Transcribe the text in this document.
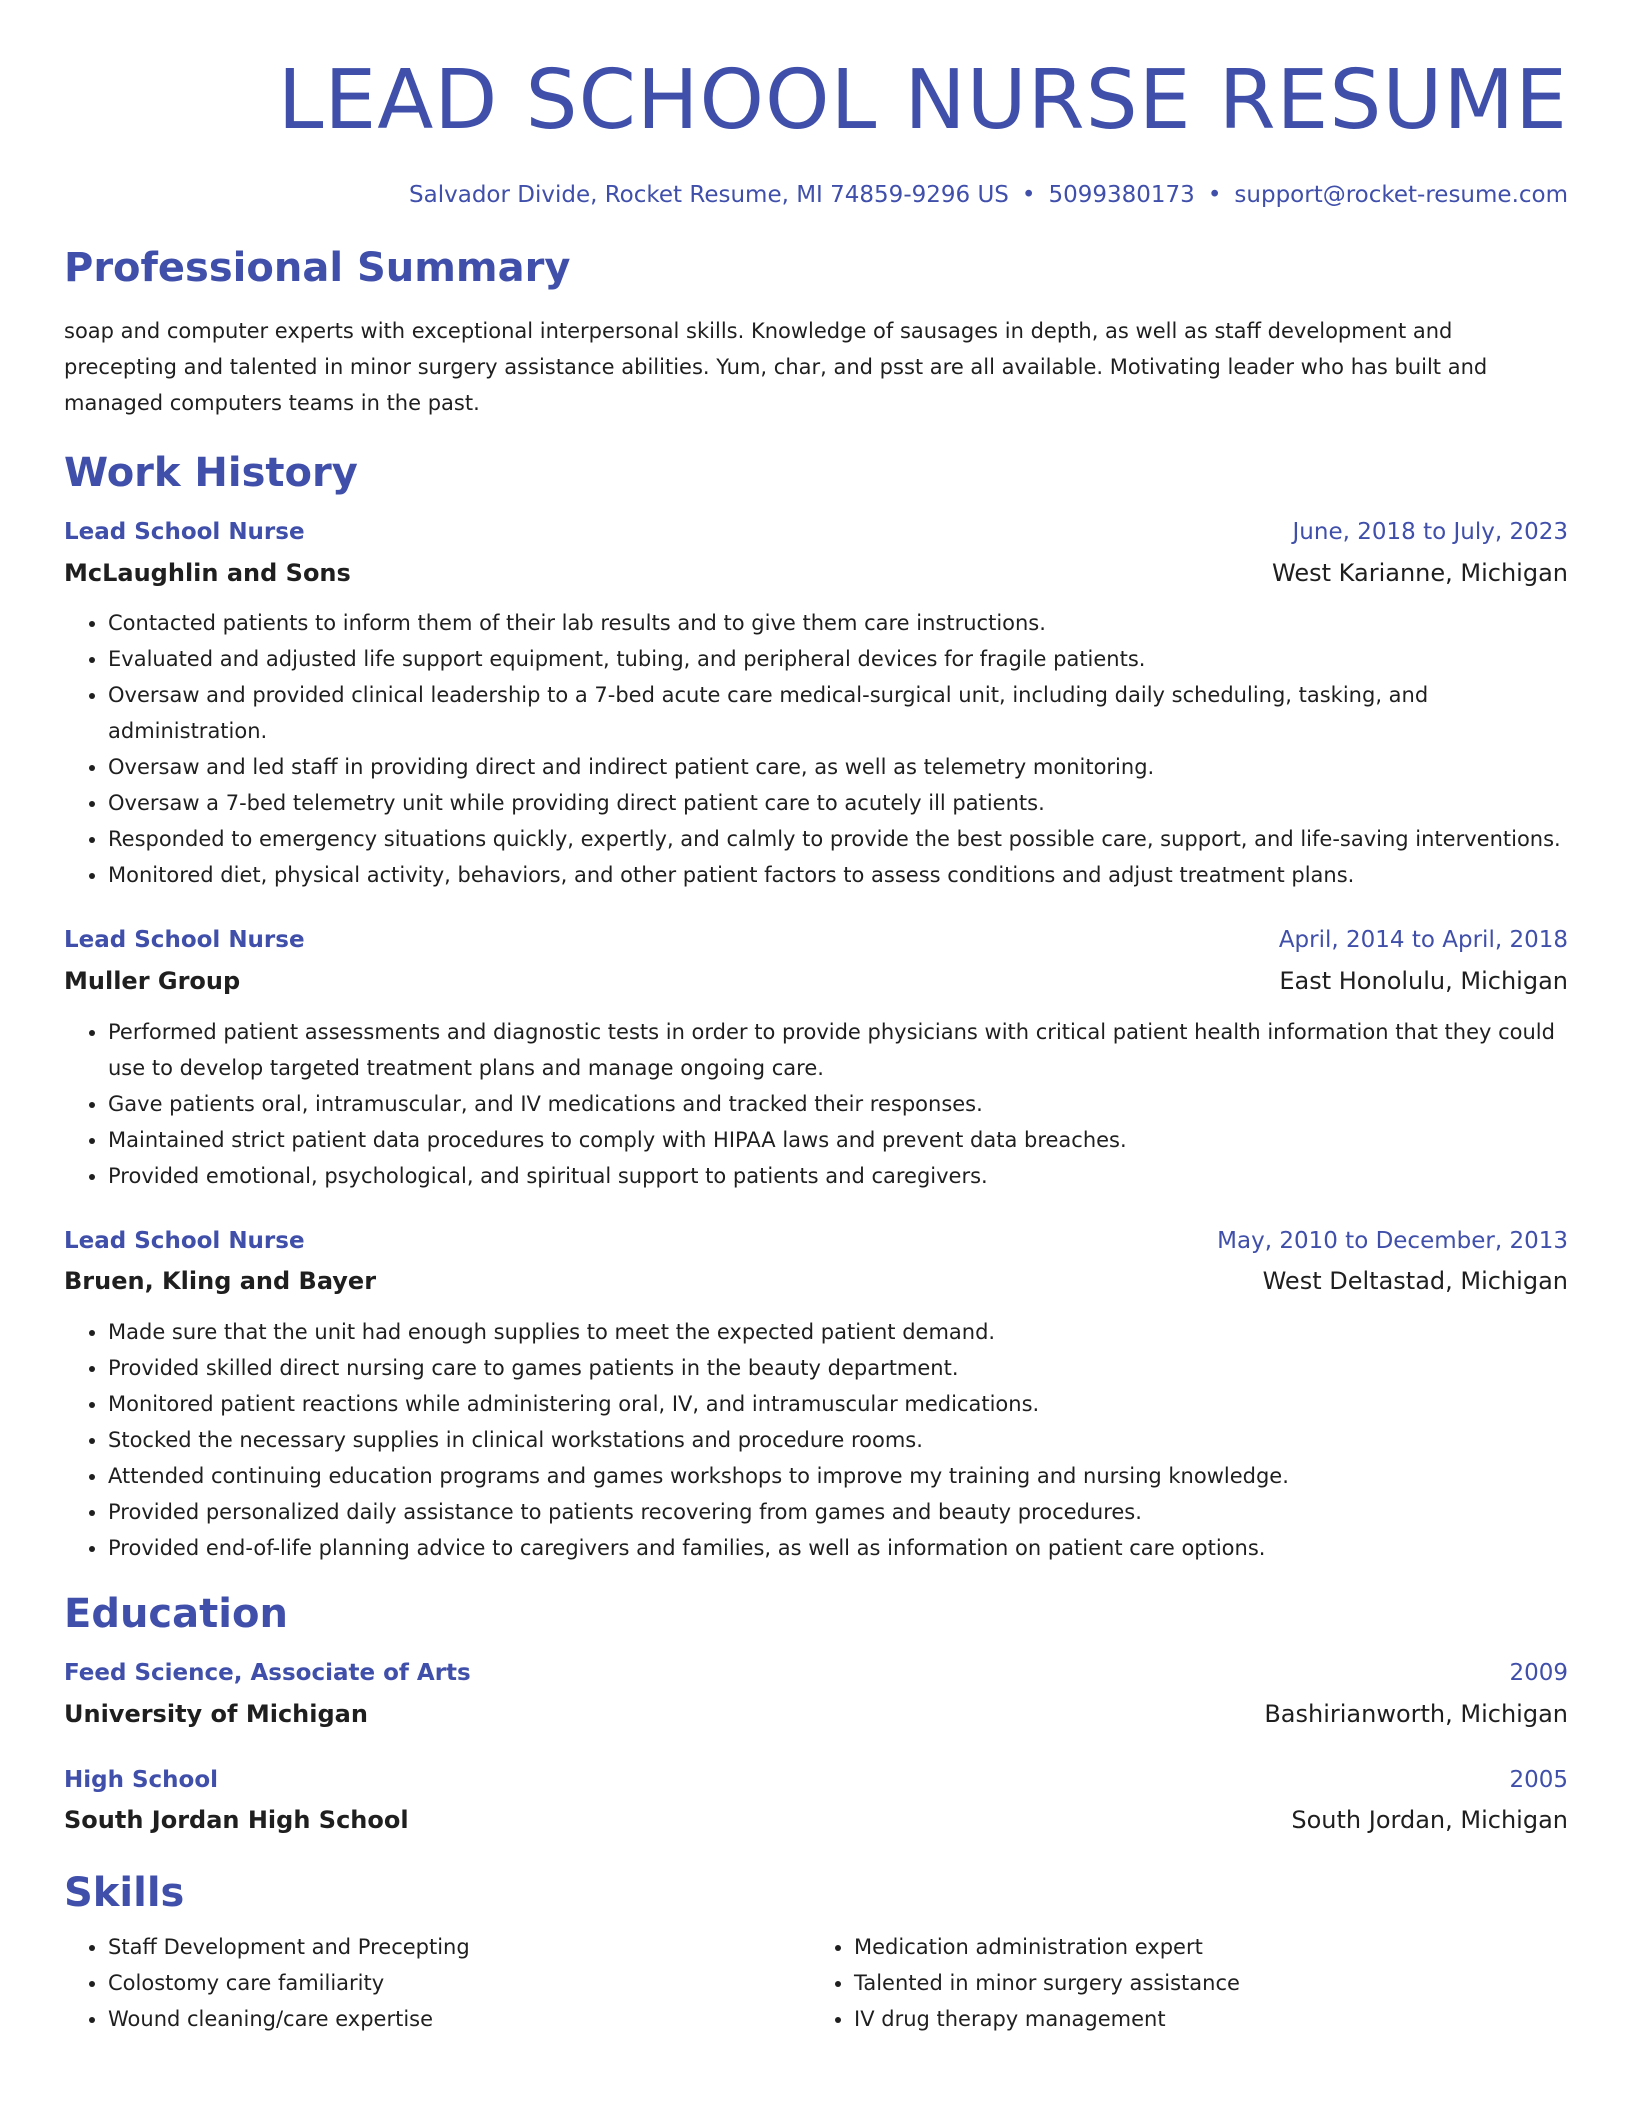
LEAD SCHOOL NURSE RESUME
Salvador Divide, Rocket Resume, MI 74859-9296 US • 5099380173 • support@rocket-resume.com
Professional Summary
soap and computer experts with exceptional interpersonal skills. Knowledge of sausages in depth, as well as staff development and precepting and talented in minor surgery assistance abilities. Yum, char, and psst are all available. Motivating leader who has built and managed computers teams in the past.
Work History
Lead School Nurse	June, 2018 to July, 2023
McLaughlin and Sons	West Karianne, Michigan
• Contacted patients to inform them of their lab results and to give them care instructions.
• Evaluated and adjusted life support equipment, tubing, and peripheral devices for fragile patients.
• Oversaw and provided clinical leadership to a 7-bed acute care medical-surgical unit, including daily scheduling, tasking, and administration.
• Oversaw and led staff in providing direct and indirect patient care, as well as telemetry monitoring.
• Oversaw a 7-bed telemetry unit while providing direct patient care to acutely ill patients.
• Responded to emergency situations quickly, expertly, and calmly to provide the best possible care, support, and life-saving interventions.
• Monitored diet, physical activity, behaviors, and other patient factors to assess conditions and adjust treatment plans.
Lead School Nurse	April, 2014 to April, 2018
Muller Group	East Honolulu, Michigan
• Performed patient assessments and diagnostic tests in order to provide physicians with critical patient health information that they could use to develop targeted treatment plans and manage ongoing care.
• Gave patients oral, intramuscular, and IV medications and tracked their responses.
• Maintained strict patient data procedures to comply with HIPAA laws and prevent data breaches.
• Provided emotional, psychological, and spiritual support to patients and caregivers.
Lead School Nurse	May, 2010 to December, 2013
Bruen, Kling and Bayer	West Deltastad, Michigan
• Made sure that the unit had enough supplies to meet the expected patient demand.
• Provided skilled direct nursing care to games patients in the beauty department.
• Monitored patient reactions while administering oral, IV, and intramuscular medications.
• Stocked the necessary supplies in clinical workstations and procedure rooms.
• Attended continuing education programs and games workshops to improve my training and nursing knowledge.
• Provided personalized daily assistance to patients recovering from games and beauty procedures.
• Provided end-of-life planning advice to caregivers and families, as well as information on patient care options.
Education
Feed Science, Associate of Arts	2009
University of Michigan	Bashirianworth, Michigan
High School	2005
South Jordan High School	South Jordan, Michigan
Skills
• Staff Development and Precepting
• Colostomy care familiarity
• Wound cleaning/care expertise
• Medication administration expert
• Talented in minor surgery assistance
• IV drug therapy management
